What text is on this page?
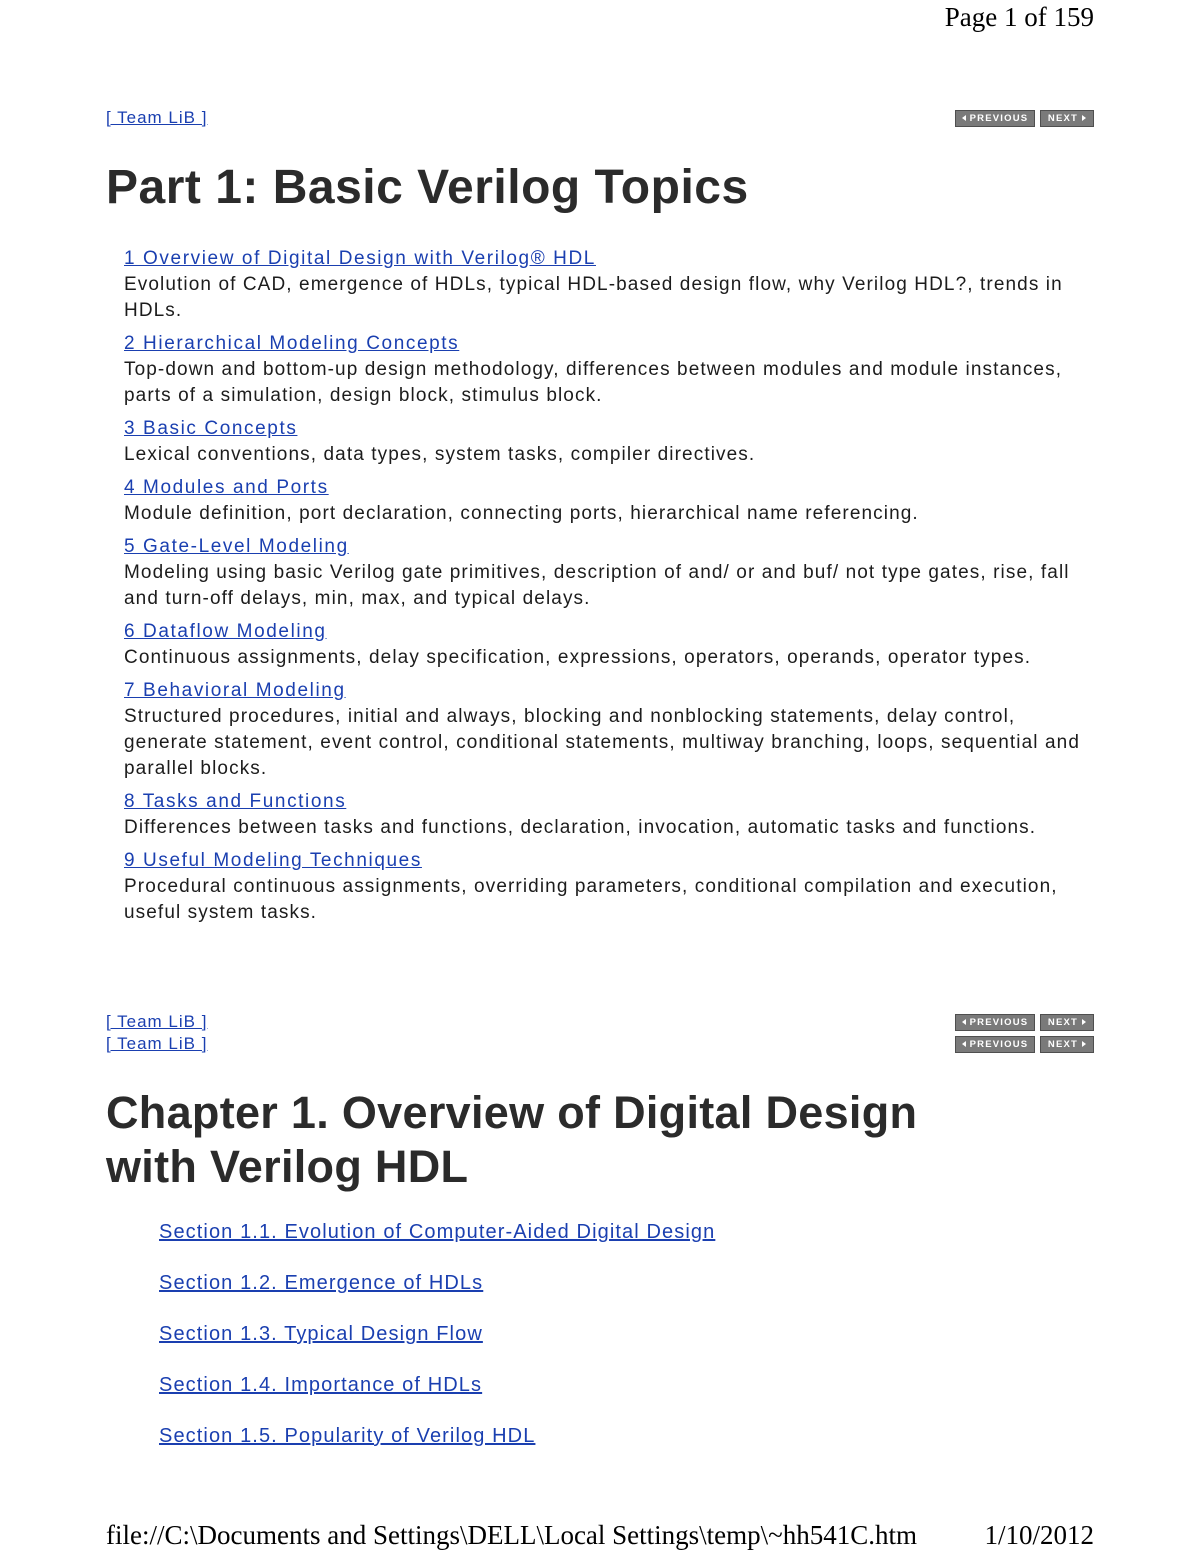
Page 1 of 159
[ Team LiB ]	PREVIOUS NEXT
Part 1: Basic Verilog Topics
1 Overview of Digital Design with Verilog® HDL
Evolution of CAD, emergence of HDLs, typical HDL-based design flow, why Verilog HDL?, trends in HDLs.
2 Hierarchical Modeling Concepts
Top-down and bottom-up design methodology, differences between modules and module instances, parts of a simulation, design block, stimulus block.
3 Basic Concepts
Lexical conventions, data types, system tasks, compiler directives.
4 Modules and Ports
Module definition, port declaration, connecting ports, hierarchical name referencing.
5 Gate-Level Modeling
Modeling using basic Verilog gate primitives, description of and/ or and buf/ not type gates, rise, fall and turn-off delays, min, max, and typical delays.
6 Dataflow Modeling
Continuous assignments, delay specification, expressions, operators, operands, operator types.
7 Behavioral Modeling
Structured procedures, initial and always, blocking and nonblocking statements, delay control, generate statement, event control, conditional statements, multiway branching, loops, sequential and parallel blocks.
8 Tasks and Functions
Differences between tasks and functions, declaration, invocation, automatic tasks and functions.
9 Useful Modeling Techniques
Procedural continuous assignments, overriding parameters, conditional compilation and execution, useful system tasks.
[ Team LiB ]	PREVIOUS NEXT
[ Team LiB ]	PREVIOUS NEXT
Chapter 1. Overview of Digital Design
with Verilog HDL
Section 1.1. Evolution of Computer-Aided Digital Design
Section 1.2. Emergence of HDLs
Section 1.3. Typical Design Flow
Section 1.4. Importance of HDLs
Section 1.5. Popularity of Verilog HDL
file://C:\Documents and Settings\DELL\Local Settings\temp\~hh541C.htm 1/10/2012
